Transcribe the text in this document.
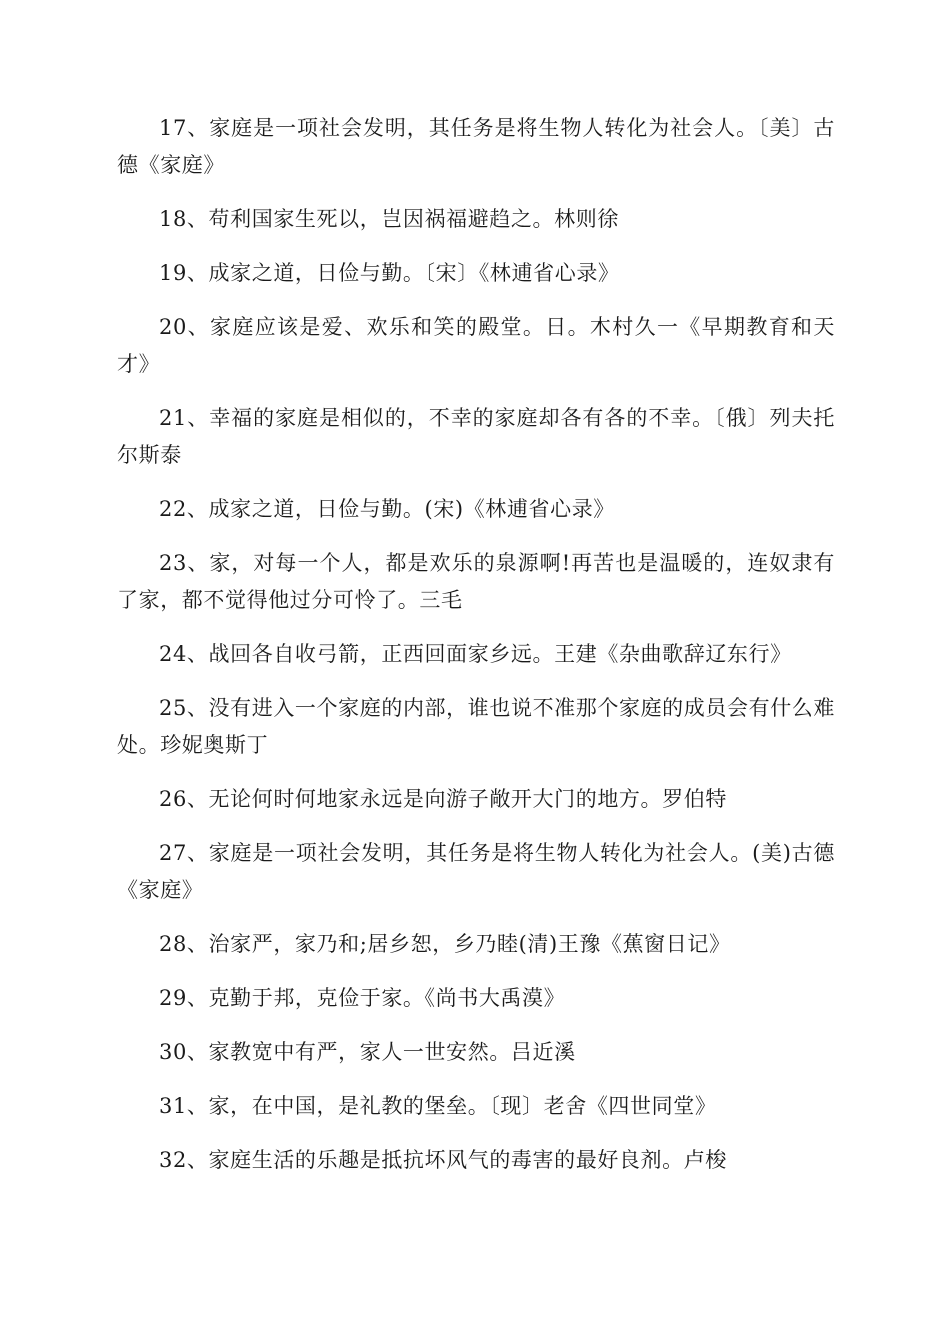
17、家庭是一项社会发明，其任务是将生物人转化为社会人。〔美〕古德《家庭》

18、苟利国家生死以，岂因祸福避趋之。林则徐

19、成家之道，日俭与勤。〔宋〕《林逋省心录》

20、家庭应该是爱、欢乐和笑的殿堂。日。木村久一《早期教育和天才》

21、幸福的家庭是相似的，不幸的家庭却各有各的不幸。〔俄〕列夫托尔斯泰

22、成家之道，日俭与勤。(宋)《林逋省心录》

23、家，对每一个人，都是欢乐的泉源啊!再苦也是温暖的，连奴隶有了家，都不觉得他过分可怜了。三毛

24、战回各自收弓箭，正西回面家乡远。王建《杂曲歌辞辽东行》

25、没有进入一个家庭的内部，谁也说不准那个家庭的成员会有什么难处。珍妮奥斯丁

26、无论何时何地家永远是向游子敞开大门的地方。罗伯特

27、家庭是一项社会发明，其任务是将生物人转化为社会人。(美)古德《家庭》

28、治家严，家乃和;居乡恕，乡乃睦(清)王豫《蕉窗日记》

29、克勤于邦，克俭于家。《尚书大禹漠》

30、家教宽中有严，家人一世安然。吕近溪

31、家，在中国，是礼教的堡垒。〔现〕老舍《四世同堂》

32、家庭生活的乐趣是抵抗坏风气的毒害的最好良剂。卢梭
